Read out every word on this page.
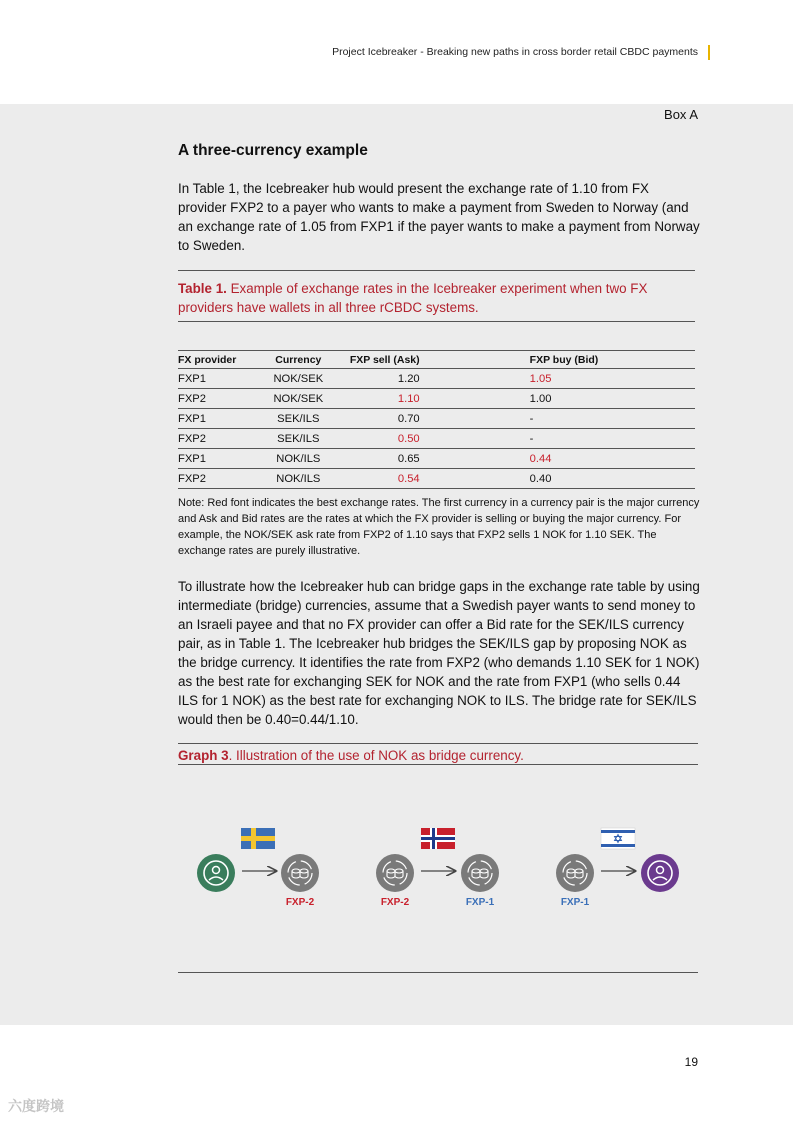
Project Icebreaker - Breaking new paths in cross border retail CBDC payments
Box A
A three-currency example
In Table 1, the Icebreaker hub would present the exchange rate of 1.10 from FX provider FXP2 to a payer who wants to make a payment from Sweden to Norway (and an exchange rate of 1.05 from FXP1 if the payer wants to make a payment from Norway to Sweden.
Table 1. Example of exchange rates in the Icebreaker experiment when two FX providers have wallets in all three rCBDC systems.
FX provider	Currency	FXP sell (Ask)	FXP buy (Bid)
FXP1	NOK/SEK	1.20	1.05
FXP2	NOK/SEK	1.10	1.00
FXP1	SEK/ILS	0.70	-
FXP2	SEK/ILS	0.50	-
FXP1	NOK/ILS	0.65	0.44
FXP2	NOK/ILS	0.54	0.40
Note: Red font indicates the best exchange rates. The first currency in a currency pair is the major currency and Ask and Bid rates are the rates at which the FX provider is selling or buying the major currency. For example, the NOK/SEK ask rate from FXP2 of 1.10 says that FXP2 sells 1 NOK for 1.10 SEK. The exchange rates are purely illustrative.
To illustrate how the Icebreaker hub can bridge gaps in the exchange rate table by using intermediate (bridge) currencies, assume that a Swedish payer wants to send money to an Israeli payee and that no FX provider can offer a Bid rate for the SEK/ILS currency pair, as in Table 1. The Icebreaker hub bridges the SEK/ILS gap by proposing NOK as the bridge currency. It identifies the rate from FXP2 (who demands 1.10 SEK for 1 NOK) as the best rate for exchanging SEK for NOK and the rate from FXP1 (who sells 0.44 ILS for 1 NOK) as the best rate for exchanging NOK to ILS. The bridge rate for SEK/ILS would then be 0.40=0.44/1.10.
Graph 3. Illustration of the use of NOK as bridge currency.
FXP-2	FXP-2	FXP-1	FXP-1
19
六度跨境
